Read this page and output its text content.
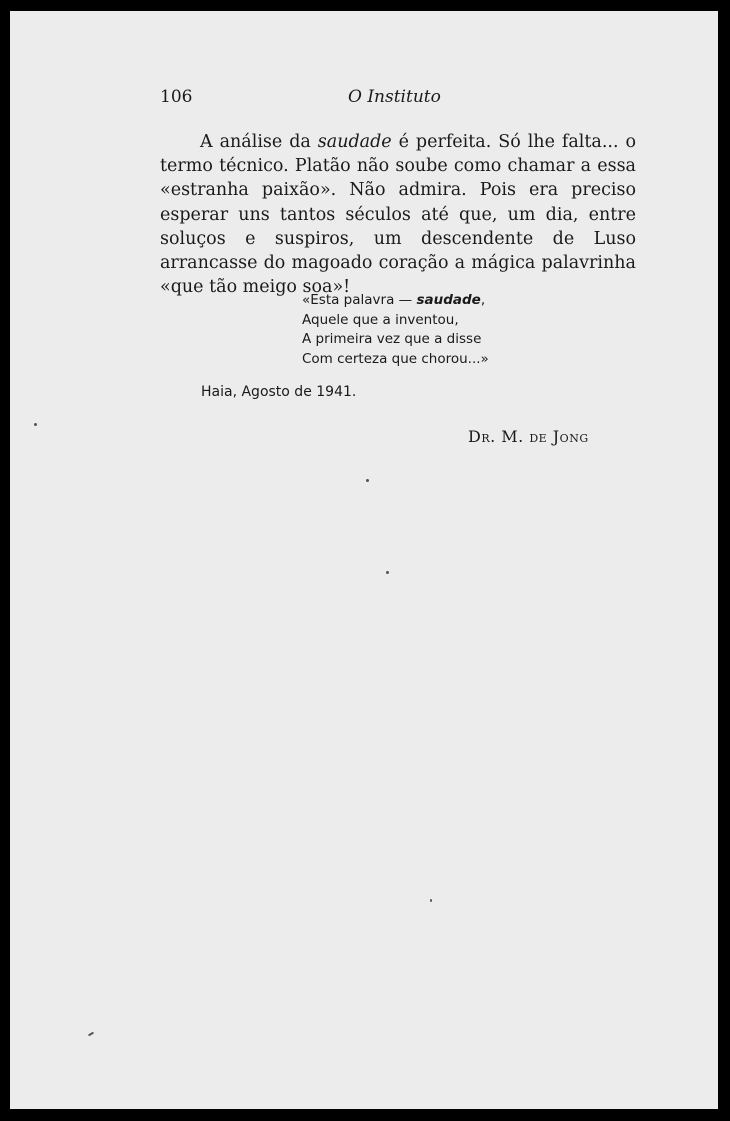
106	O Instituto

A análise da saudade é perfeita. Só lhe falta... o termo técnico. Platão não soube como chamar a essa «estranha paixão». Não admira. Pois era preciso esperar uns tantos séculos até que, um dia, entre soluços e suspiros, um descendente de Luso arrancasse do magoado coração a mágica palavrinha «que tão meigo soa»!

«Esta palavra — saudade,
Aquele que a inventou,
A primeira vez que a disse
Com certeza que chorou...»
Haia, Agosto de 1941.
Dr. M. de Jong
